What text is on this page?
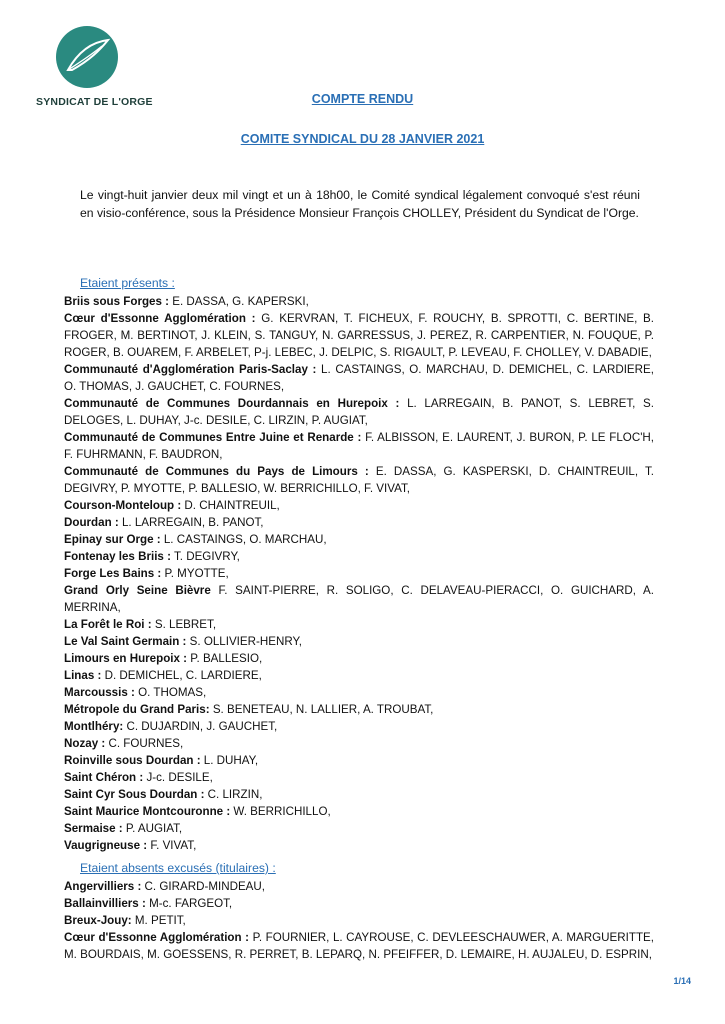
SYNDICAT DE L'ORGE	COMPTE RENDU
COMITE SYNDICAL DU 28 JANVIER 2021

Le vingt-huit janvier deux mil vingt et un à 18h00, le Comité syndical légalement convoqué s'est réuni en visio-conférence, sous la Présidence Monsieur François CHOLLEY, Président du Syndicat de l'Orge.

Etaient présents :

Briis sous Forges : E. DASSA, G. KAPERSKI,

Cœur d'Essonne Agglomération : G. KERVRAN, T. FICHEUX, F. ROUCHY, B. SPROTTI, C. BERTINE, B. FROGER, M. BERTINOT, J. KLEIN, S. TANGUY, N. GARRESSUS, J. PEREZ, R. CARPENTIER, N. FOUQUE, P. ROGER, B. OUAREM, F. ARBELET, P-j. LEBEC, J. DELPIC, S. RIGAULT, P. LEVEAU, F. CHOLLEY, V. DABADIE,

Communauté d'Agglomération Paris-Saclay : L. CASTAINGS, O. MARCHAU, D. DEMICHEL, C. LARDIERE, O. THOMAS, J. GAUCHET, C. FOURNES,

Communauté de Communes Dourdannais en Hurepoix : L. LARREGAIN, B. PANOT, S. LEBRET, S. DELOGES, L. DUHAY, J-c. DESILE, C. LIRZIN, P. AUGIAT,

Communauté de Communes Entre Juine et Renarde : F. ALBISSON, E. LAURENT, J. BURON, P. LE FLOC'H, F. FUHRMANN, F. BAUDRON,

Communauté de Communes du Pays de Limours : E. DASSA, G. KASPERSKI, D. CHAINTREUIL, T. DEGIVRY, P. MYOTTE, P. BALLESIO, W. BERRICHILLO, F. VIVAT,

Courson-Monteloup : D. CHAINTREUIL,

Dourdan : L. LARREGAIN, B. PANOT,

Epinay sur Orge : L. CASTAINGS, O. MARCHAU,

Fontenay les Briis : T. DEGIVRY,

Forge Les Bains : P. MYOTTE,

Grand Orly Seine Bièvre F. SAINT-PIERRE, R. SOLIGO, C. DELAVEAU-PIERACCI, O. GUICHARD, A. MERRINA,

La Forêt le Roi : S. LEBRET,

Le Val Saint Germain : S. OLLIVIER-HENRY,

Limours en Hurepoix : P. BALLESIO,

Linas : D. DEMICHEL, C. LARDIERE,

Marcoussis : O. THOMAS,

Métropole du Grand Paris: S. BENETEAU, N. LALLIER, A. TROUBAT,

Montlhéry: C. DUJARDIN, J. GAUCHET,

Nozay : C. FOURNES,

Roinville sous Dourdan : L. DUHAY,

Saint Chéron : J-c. DESILE,

Saint Cyr Sous Dourdan : C. LIRZIN,

Saint Maurice Montcouronne : W. BERRICHILLO,

Sermaise : P. AUGIAT,

Vaugrigneuse : F. VIVAT,

Etaient absents excusés (titulaires) :

Angervilliers : C. GIRARD-MINDEAU,

Ballainvilliers : M-c. FARGEOT,

Breux-Jouy: M. PETIT,

Cœur d'Essonne Agglomération : P. FOURNIER, L. CAYROUSE, C. DEVLEESCHAUWER, A. MARGUERITTE, M. BOURDAIS, M. GOESSENS, R. PERRET, B. LEPARQ, N. PFEIFFER, D. LEMAIRE, H. AUJALEU, D. ESPRIN,

1/14
